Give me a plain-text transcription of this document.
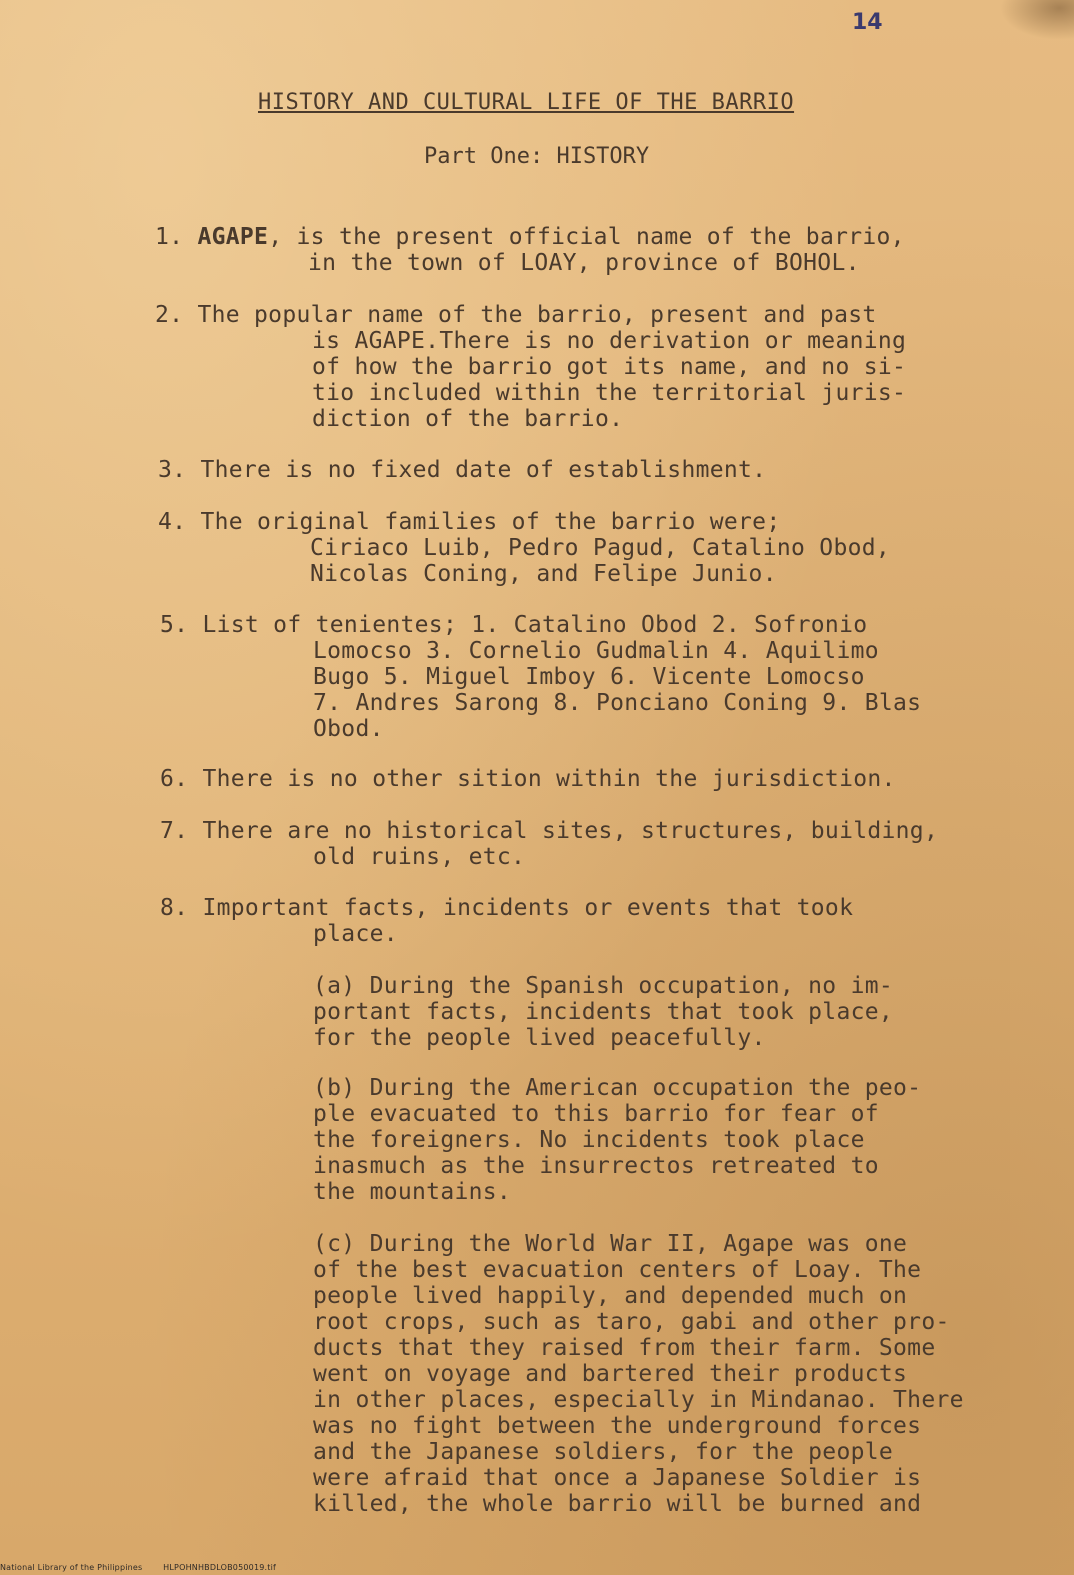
14
HISTORY AND CULTURAL LIFE OF THE BARRIO
Part One: HISTORY
1. AGAPE, is the present official name of the barrio,
in the town of LOAY, province of BOHOL.
2. The popular name of the barrio, present and past
is AGAPE.There is no derivation or meaning
of how the barrio got its name, and no si-
tio included within the territorial juris-
diction of the barrio.
3. There is no fixed date of establishment.
4. The original families of the barrio were;
Ciriaco Luib, Pedro Pagud, Catalino Obod,
Nicolas Coning, and Felipe Junio.
5. List of tenientes; 1. Catalino Obod 2. Sofronio
Lomocso 3. Cornelio Gudmalin 4. Aquilimo
Bugo 5. Miguel Imboy 6. Vicente Lomocso
7. Andres Sarong 8. Ponciano Coning 9. Blas
Obod.
6. There is no other sition within the jurisdiction.
7. There are no historical sites, structures, building,
old ruins, etc.
8. Important facts, incidents or events that took
place.
(a) During the Spanish occupation, no im-
portant facts, incidents that took place,
for the people lived peacefully.
(b) During the American occupation the peo-
ple evacuated to this barrio for fear of
the foreigners. No incidents took place
inasmuch as the insurrectos retreated to
the mountains.
(c) During the World War II, Agape was one
of the best evacuation centers of Loay. The
people lived happily, and depended much on
root crops, such as taro, gabi and other pro-
ducts that they raised from their farm. Some
went on voyage and bartered their products
in other places, especially in Mindanao. There
was no fight between the underground forces
and the Japanese soldiers, for the people
were afraid that once a Japanese Soldier is
killed, the whole barrio will be burned and
National Library of the Philippines	HLPOHNHBDLOB050019.tif
